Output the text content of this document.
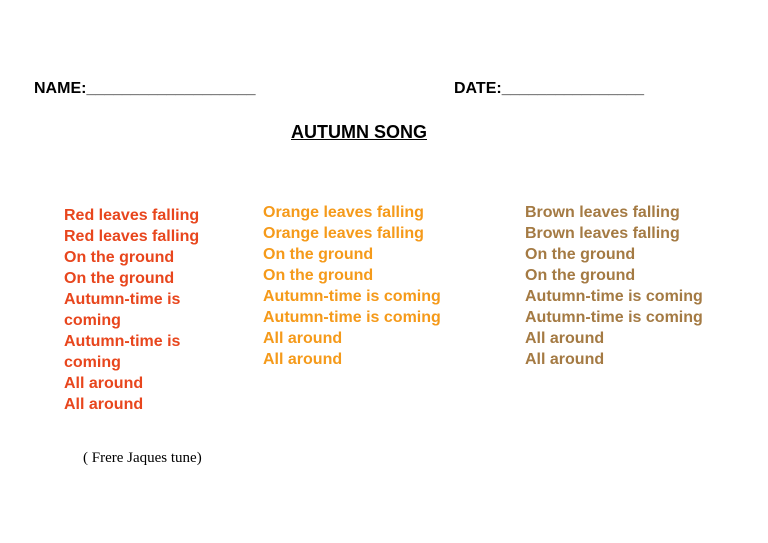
NAME:___________________	DATE:________________
AUTUMN SONG
Red leaves falling
Red leaves falling
On the ground
On the ground
Autumn-time is
coming
Autumn-time is
coming
All around
All around
Orange leaves falling
Orange leaves falling
On the ground
On the ground
Autumn-time is coming
Autumn-time is coming
All around
All around
Brown leaves falling
Brown leaves falling
On the ground
On the ground
Autumn-time is coming
Autumn-time is coming
All around
All around
( Frere Jaques tune)
